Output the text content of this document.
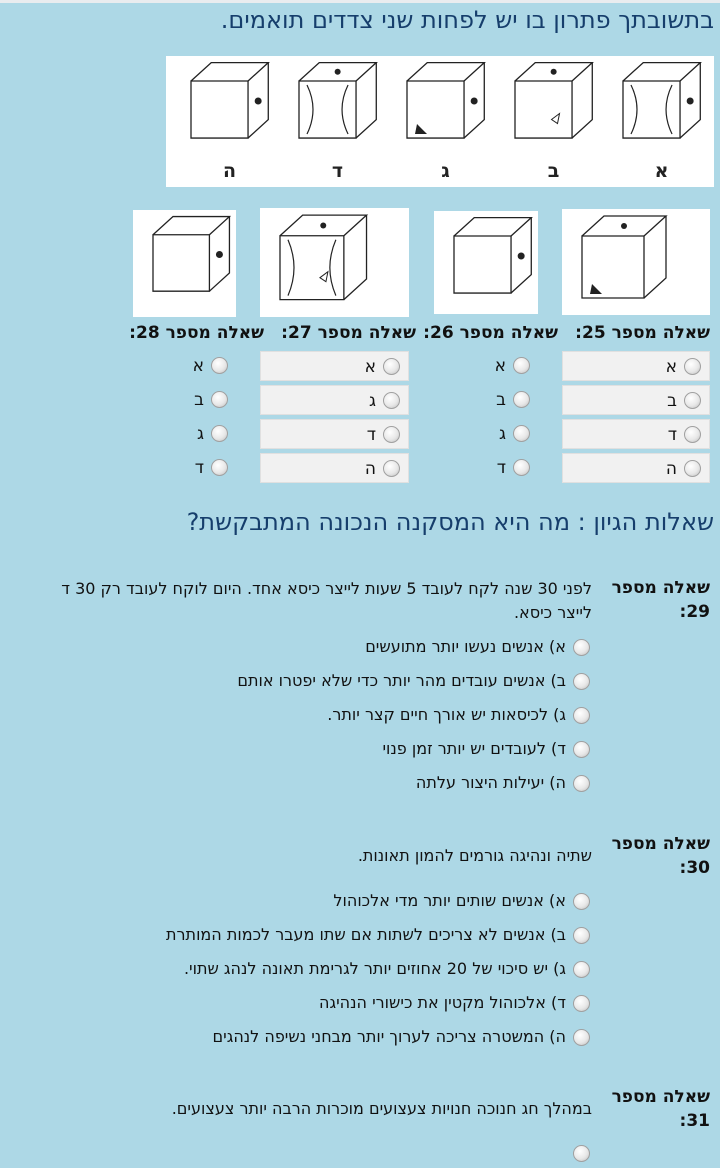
בתשובתך פתרון בו יש לפחות שני צדדים תואמים.
א
ב
ג
ד
ה
שאלה מספר 25:
שאלה מספר 26:
שאלה מספר 27:
שאלה מספר 28:
א
ב
ד
ה
א
ב
ג
ד
א
ג
ד
ה
א
ב
ג
ד
שאלות הגיון : מה היא המסקנה הנכונה המתבקשת?
שאלה מספר
29:
לפני 30 שנה לקח לעובד 5 שעות לייצר כיסא אחד. היום לוקח לעובד רק 30 ד
לייצר כיסא.
א) אנשים נעשו יותר מתועשים
ב) אנשים עובדים מהר יותר כדי שלא יפטרו אותם
ג) לכיסאות יש אורך חיים קצר יותר.
ד) לעובדים יש יותר זמן פנוי
ה) יעילות היצור עלתה
שאלה מספר
30:
שתיה ונהיגה גורמים להמון תאונות.
א) אנשים שותים יותר מדי אלכוהול
ב) אנשים לא צריכים לשתות אם שתו מעבר לכמות המותרת
ג) יש סיכוי של 20 אחוזים יותר לגרימת תאונה לנהג שתוי.
ד) אלכוהול מקטין את כישורי הנהיגה
ה) המשטרה צריכה לערוך יותר מבחני נשיפה לנהגים
שאלה מספר
31:
במהלך חג חנוכה חנויות צעצועים מוכרות הרבה יותר צעצועים.
